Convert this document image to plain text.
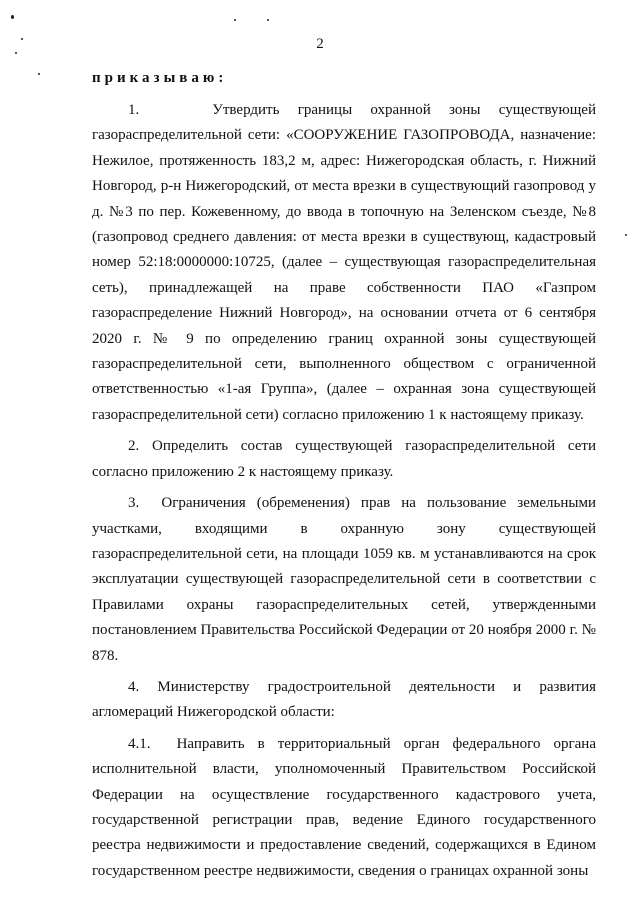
2
приказываю:

1.    Утвердить границы охранной зоны существующей газораспределительной сети: «СООРУЖЕНИЕ ГАЗОПРОВОДА, назначение: Нежилое, протяженность 183,2 м, адрес: Нижегородская область, г. Нижний Новгород, р-н Нижегородский, от места врезки в существующий газопровод у д. №3 по пер. Кожевенному, до ввода в топочную на Зеленском съезде, №8 (газопровод среднего давления: от места врезки в существующ, кадастровый номер 52:18:0000000:10725, (далее – существующая газораспределительная сеть), принадлежащей на праве собственности ПАО «Газпром газораспределение Нижний Новгород», на основании отчета от 6 сентября 2020 г. № 9 по определению границ охранной зоны существующей газораспределительной сети, выполненного обществом с ограниченной ответственностью «1-ая Группа», (далее – охранная зона существующей газораспределительной сети) согласно приложению 1 к настоящему приказу.

2. Определить состав существующей газораспределительной сети согласно приложению 2 к настоящему приказу.

3.  Ограничения (обременения) прав на пользование земельными участками, входящими в охранную зону существующей газораспределительной сети, на площади 1059 кв. м устанавливаются на срок эксплуатации существующей газораспределительной сети в соответствии с Правилами охраны газораспределительных сетей, утвержденными постановлением Правительства Российской Федерации от 20 ноября 2000 г. № 878.

4. Министерству градостроительной деятельности и развития агломераций Нижегородской области:

4.1.  Направить в территориальный орган федерального органа исполнительной власти, уполномоченный Правительством Российской Федерации на осуществление государственного кадастрового учета, государственной регистрации прав, ведение Единого государственного реестра недвижимости и предоставление сведений, содержащихся в Едином государственном реестре недвижимости, сведения о границах охранной зоны
